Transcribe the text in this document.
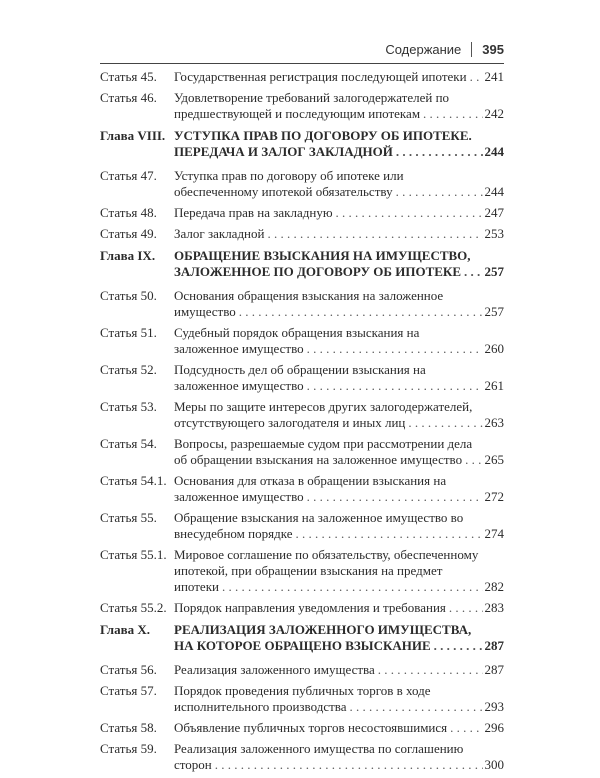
Содержание 395
Статья 45.	Государственная регистрация последующей ипотеки . . . 241
Статья 46.	Удовлетворение требований залогодержателей по
предшествующей и последующим ипотекам . . .	242
Глава VIII. УСТУПКА ПРАВ ПО ДОГОВОРУ ОБ ИПОТЕКЕ.
ПЕРЕДАЧА И ЗАЛОГ ЗАКЛАДНОЙ . . .	244
Статья 47.	Уступка прав по договору об ипотеке или
обеспеченному ипотекой обязательству . . .	244
Статья 48.	Передача прав на закладную . . .	247
Статья 49.	Залог закладной . . .	253
Глава IX.	ОБРАЩЕНИЕ ВЗЫСКАНИЯ НА ИМУЩЕСТВО,
ЗАЛОЖЕННОЕ ПО ДОГОВОРУ ОБ ИПОТЕКЕ . . . 257
Статья 50.	Основания обращения взыскания на заложенное
имущество . . .	257
Статья 51.	Судебный порядок обращения взыскания на
заложенное имущество . . .	260
Статья 52.	Подсудность дел об обращении взыскания на
заложенное имущество . . .	261
Статья 53.	Меры по защите интересов других залогодержателей,
отсутствующего залогодателя и иных лиц . . .	263
Статья 54.	Вопросы, разрешаемые судом при рассмотрении дела
об обращении взыскания на заложенное имущество . . . 265
Статья 54.1. Основания для отказа в обращении взыскания на
заложенное имущество . . .	272
Статья 55.	Обращение взыскания на заложенное имущество во
внесудебном порядке . . .	274
Статья 55.1. Мировое соглашение по обязательству, обеспеченному
ипотекой, при обращении взыскания на предмет
ипотеки . . .	282
Статья 55.2. Порядок направления уведомления и требования . . .	283
Глава X.	РЕАЛИЗАЦИЯ ЗАЛОЖЕННОГО ИМУЩЕСТВА,
НА КОТОРОЕ ОБРАЩЕНО ВЗЫСКАНИЕ . . .	287
Статья 56.	Реализация заложенного имущества . . .	287
Статья 57.	Порядок проведения публичных торгов в ходе
исполнительного производства . . .	293
Статья 58.	Объявление публичных торгов несостоявшимися . . .	296
Статья 59.	Реализация заложенного имущества по соглашению
сторон . . .	300
